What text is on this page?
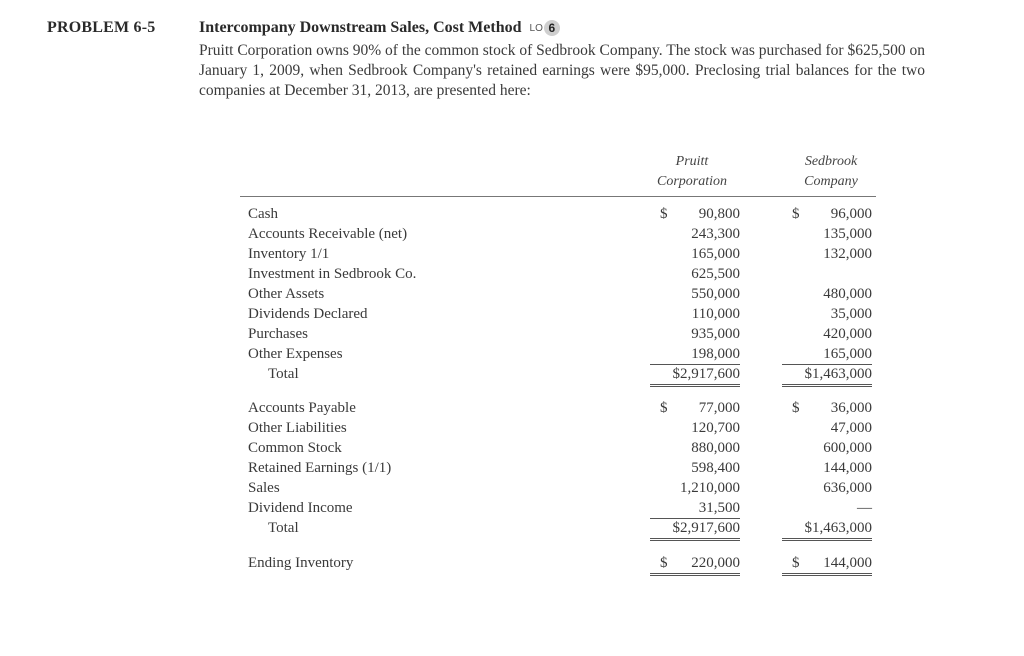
PROBLEM 6-5	Intercompany Downstream Sales, Cost Method LO 6

Pruitt Corporation owns 90% of the common stock of Sedbrook Company. The stock was purchased for $625,500 on January 1, 2009, when Sedbrook Company's retained earnings were $95,000. Preclosing trial balances for the two companies at December 31, 2013, are presented here:

Pruitt
Corporation
Sedbrook
Company
Cash	$	90,800	$	96,000
Accounts Receivable (net)	243,300	135,000
Inventory 1/1	165,000	132,000
Investment in Sedbrook Co.	625,500
Other Assets	550,000	480,000
Dividends Declared	110,000	35,000
Purchases	935,000	420,000
Other Expenses	198,000	165,000
Total	$2,917,600	$1,463,000
Accounts Payable	$	77,000	$	36,000
Other Liabilities	120,700	47,000
Common Stock	880,000	600,000
Retained Earnings (1/1)	598,400	144,000
Sales	1,210,000	636,000
Dividend Income	31,500	—
Total	$2,917,600	$1,463,000
Ending Inventory	$	220,000	$	144,000
